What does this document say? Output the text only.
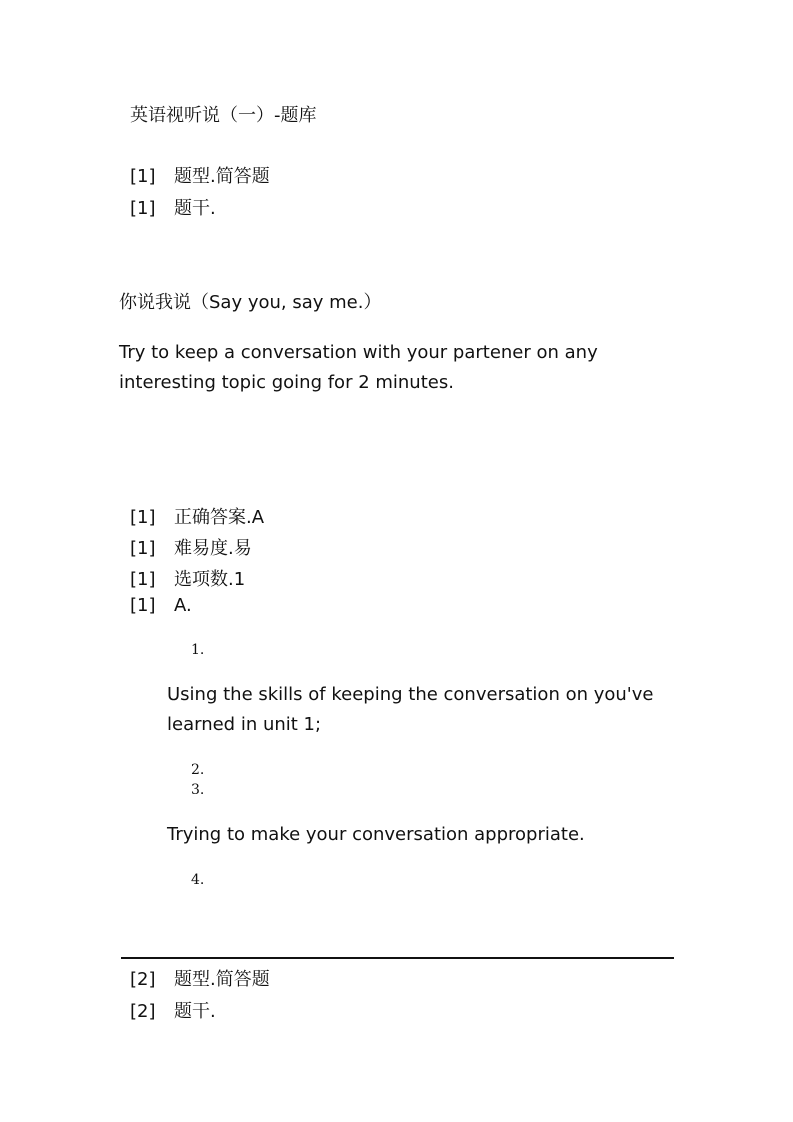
英语视听说（一）-题库
[1] 题型.简答题
[1] 题干.
你说我说（Say you, say me.）
Try to keep a conversation with your partener on any
interesting topic going for 2 minutes.
[1] 正确答案.A
[1] 难易度.易
[1] 选项数.1
[1] A.
1.
Using the skills of keeping the conversation on you've
learned in unit 1;
2.
3.
Trying to make your conversation appropriate.
4.
[2] 题型.简答题
[2] 题干.
